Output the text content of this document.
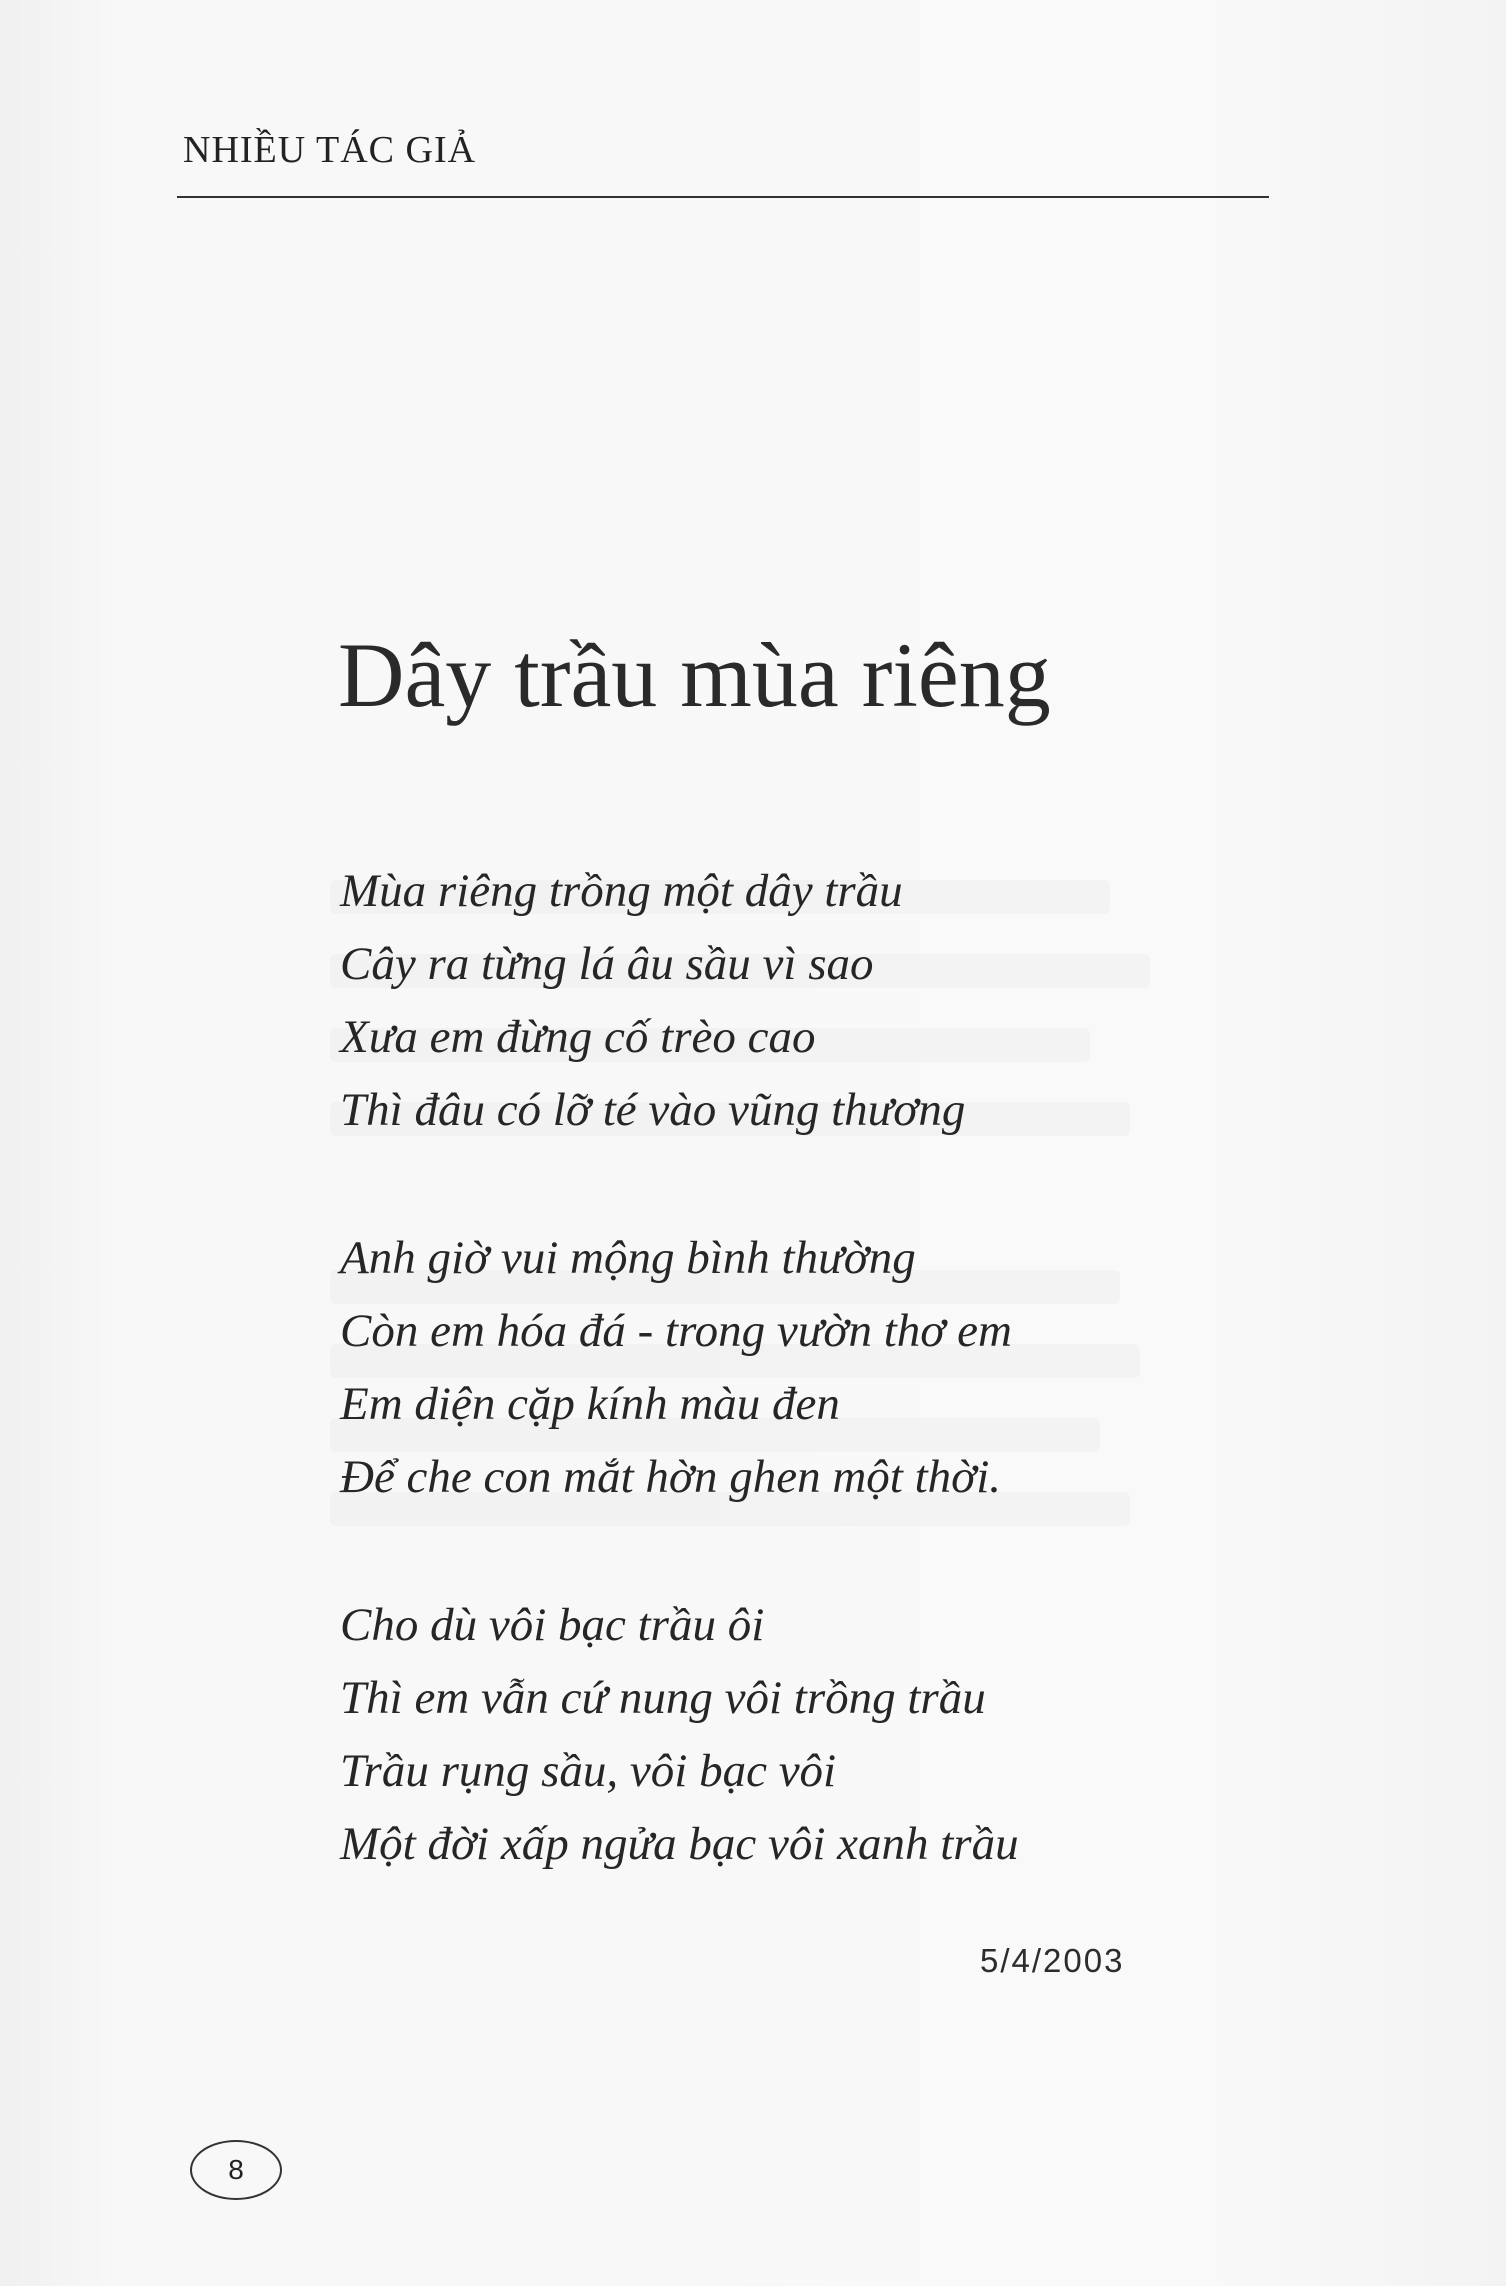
NHIỀU TÁC GIẢ
Dây trầu mùa riêng
Mùa riêng trồng một dây trầu
Cây ra từng lá âu sầu vì sao
Xưa em đừng cố trèo cao
Thì đâu có lỡ té vào vũng thương
Anh giờ vui mộng bình thường
Còn em hóa đá - trong vườn thơ em
Em diện cặp kính màu đen
Để che con mắt hờn ghen một thời.
Cho dù vôi bạc trầu ôi
Thì em vẫn cứ nung vôi trồng trầu
Trầu rụng sầu, vôi bạc vôi
Một đời xấp ngửa bạc vôi xanh trầu
5/4/2003
8
